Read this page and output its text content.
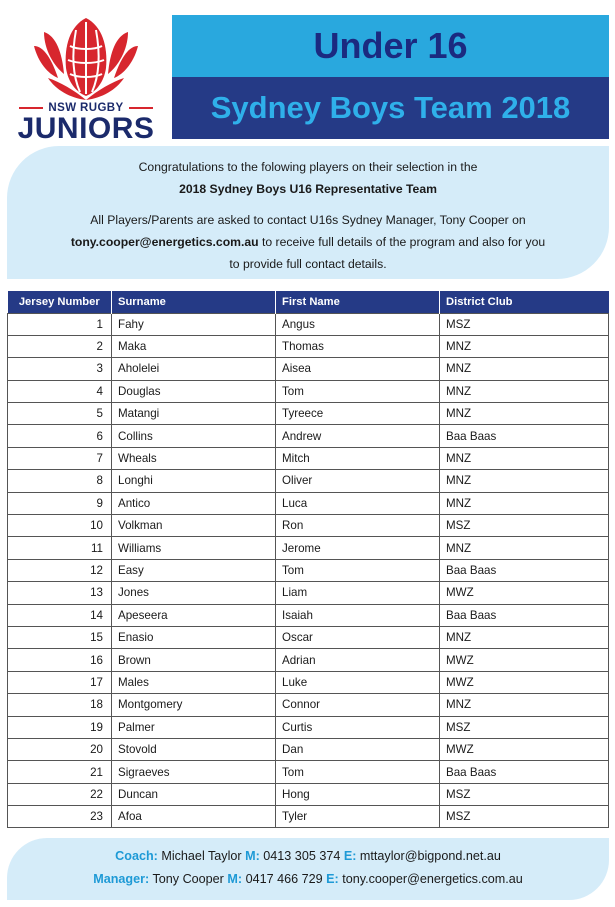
NSW RUGBY
JUNIORS
Under 16
Sydney Boys Team 2018
Congratulations to the folowing players on their selection in the
2018 Sydney Boys U16 Representative Team
All Players/Parents are asked to contact U16s Sydney Manager, Tony Cooper on
tony.cooper@energetics.com.au to receive full details of the program and also for you
to provide full contact details.
Jersey Number	Surname	First Name	District Club
1	Fahy	Angus	MSZ
2	Maka	Thomas	MNZ
3	Aholelei	Aisea	MNZ
4	Douglas	Tom	MNZ
5	Matangi	Tyreece	MNZ
6	Collins	Andrew	Baa Baas
7	Wheals	Mitch	MNZ
8	Longhi	Oliver	MNZ
9	Antico	Luca	MNZ
10	Volkman	Ron	MSZ
11	Williams	Jerome	MNZ
12	Easy	Tom	Baa Baas
13	Jones	Liam	MWZ
14	Apeseera	Isaiah	Baa Baas
15	Enasio	Oscar	MNZ
16	Brown	Adrian	MWZ
17	Males	Luke	MWZ
18	Montgomery	Connor	MNZ
19	Palmer	Curtis	MSZ
20	Stovold	Dan	MWZ
21	Sigraeves	Tom	Baa Baas
22	Duncan	Hong	MSZ
23	Afoa	Tyler	MSZ
Coach: Michael Taylor M: 0413 305 374 E: mttaylor@bigpond.net.au
Manager: Tony Cooper M: 0417 466 729 E: tony.cooper@energetics.com.au
